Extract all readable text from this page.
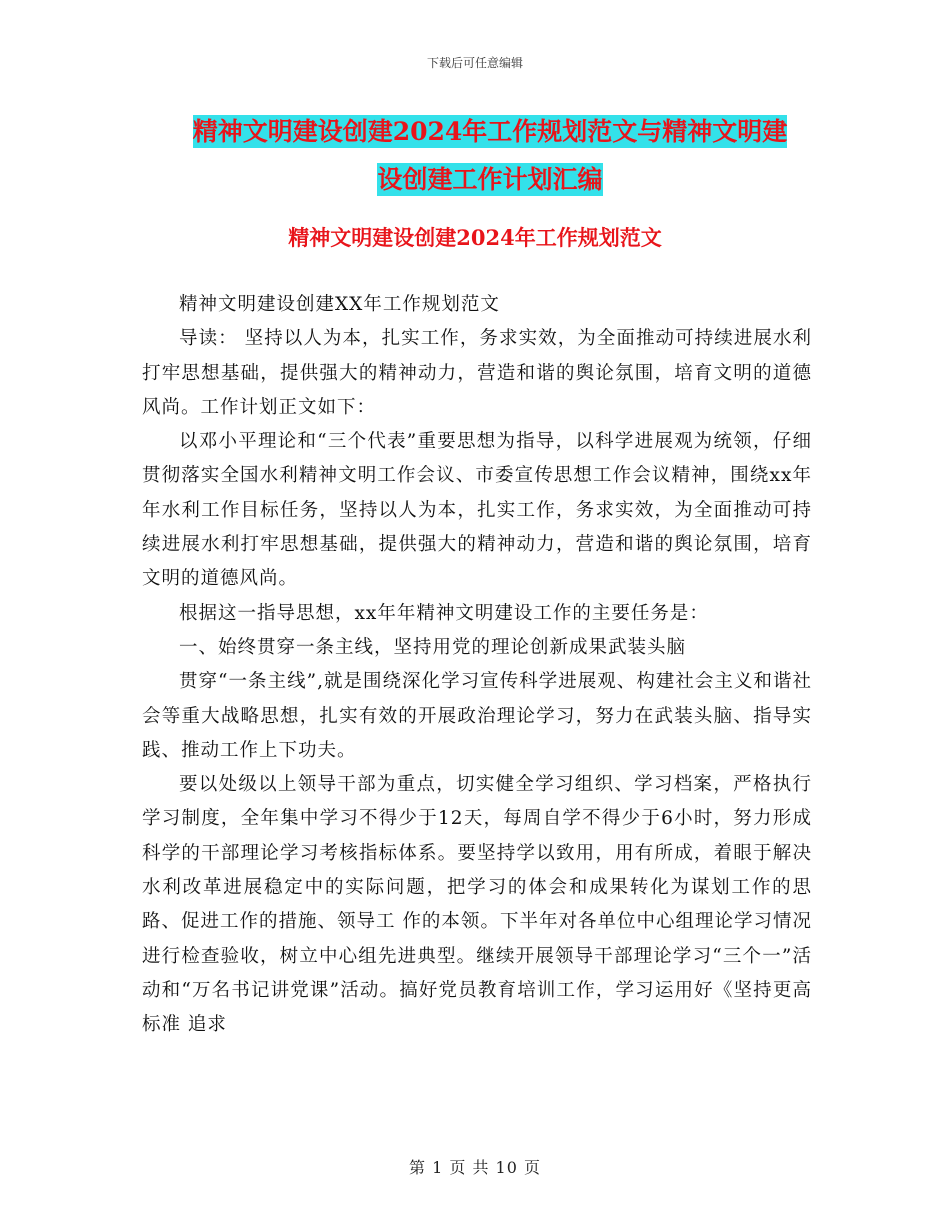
下载后可任意编辑
精神文明建设创建2024年工作规划范文与精神文明建
设创建工作计划汇编
精神文明建设创建2024年工作规划范文

精神文明建设创建XX年工作规划范文

导读： 坚持以人为本，扎实工作，务求实效，为全面推动可持续进展水利打牢思想基础，提供强大的精神动力，营造和谐的舆论氛围，培育文明的道德风尚。工作计划正文如下：

以邓小平理论和“三个代表”重要思想为指导，以科学进展观为统领，仔细贯彻落实全国水利精神文明工作会议、市委宣传思想工作会议精神，围绕xx年年水利工作目标任务，坚持以人为本，扎实工作，务求实效，为全面推动可持续进展水利打牢思想基础，提供强大的精神动力，营造和谐的舆论氛围，培育文明的道德风尚。

根据这一指导思想，xx年年精神文明建设工作的主要任务是：

一、始终贯穿一条主线，坚持用党的理论创新成果武装头脑

贯穿“一条主线”,就是围绕深化学习宣传科学进展观、构建社会主义和谐社会等重大战略思想，扎实有效的开展政治理论学习，努力在武装头脑、指导实践、推动工作上下功夫。

要以处级以上领导干部为重点，切实健全学习组织、学习档案，严格执行学习制度，全年集中学习不得少于12天，每周自学不得少于6小时，努力形成科学的干部理论学习考核指标体系。要坚持学以致用，用有所成，着眼于解决水利改革进展稳定中的实际问题，把学习的体会和成果转化为谋划工作的思路、促进工作的措施、领导工 作的本领。下半年对各单位中心组理论学习情况进行检查验收，树立中心组先进典型。继续开展领导干部理论学习“三个一”活动和“万名书记讲党课”活动。搞好党员教育培训工作，学习运用好《坚持更高标准 追求

第 1 页 共 10 页
